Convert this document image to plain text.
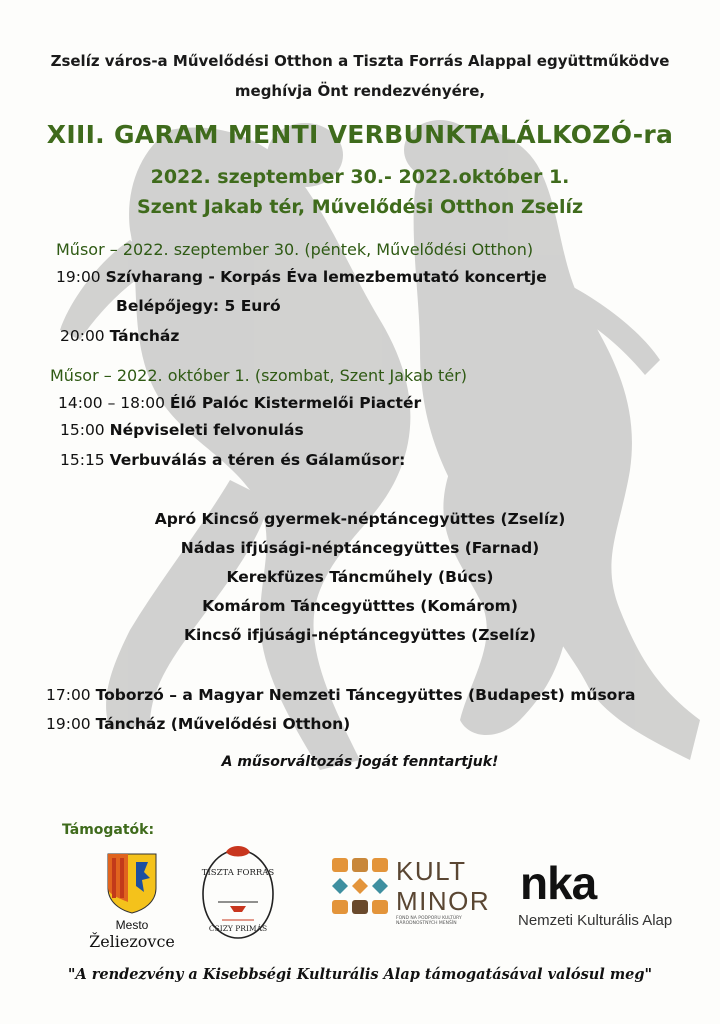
Zselíz város-a Művelődési Otthon a Tiszta Forrás Alappal együttműködve
meghívja Önt rendezvényére,
XIII. GARAM MENTI VERBUNKTALÁLKOZÓ-ra
2022. szeptember 30.- 2022.október 1.
Szent Jakab tér, Művelődési Otthon Zselíz
Műsor – 2022. szeptember 30. (péntek, Művelődési Otthon)
19:00 Szívharang - Korpás Éva lemezbemutató koncertje
Belépőjegy: 5 Euró
20:00 Táncház
Műsor – 2022. október 1. (szombat, Szent Jakab tér)
14:00 – 18:00 Élő Palóc Kistermelői Piactér
15:00 Népviseleti felvonulás
15:15 Verbuválás a téren és Gálaműsor:
Apró Kincső gyermek-néptáncegyüttes (Zselíz)
Nádas ifjúsági-néptáncegyüttes (Farnad)
Kerekfüzes Táncműhely (Búcs)
Komárom Táncegyütttes (Komárom)
Kincső ifjúsági-néptáncegyüttes (Zselíz)
17:00 Toborzó – a Magyar Nemzeti Táncegyüttes (Budapest) műsora
19:00 Táncház (Művelődési Otthon)
A műsorváltozás jogát fenntartjuk!
Támogatók:
Mesto
Želiezovce
TISZTA FORRÁS
CSIZY PRIMÁS
KULT
MINOR
FOND NA PODPORU KULTÚRY NÁRODNOSTNÝCH MENŠÍN
nka
Nemzeti Kulturális Alap
"A rendezvény a Kisebbségi Kulturális Alap támogatásával valósul meg"
